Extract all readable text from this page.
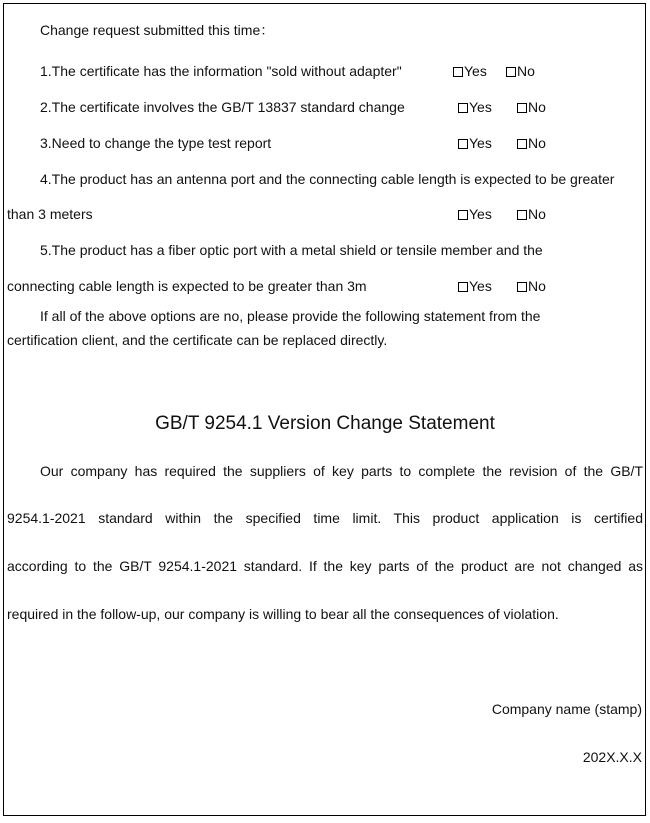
Change request submitted this time：
1.The certificate has the information "sold without adapter"	Yes	No
2.The certificate involves the GB/T 13837 standard change	Yes	No
3.Need to change the type test report	Yes	No
4.The product has an antenna port and the connecting cable length is expected to be greater
than 3 meters	Yes	No
5.The product has a fiber optic port with a metal shield or tensile member and the
connecting cable length is expected to be greater than 3m	Yes	No
If all of the above options are no, please provide the following statement from the
certification client, and the certificate can be replaced directly.
GB/T 9254.1 Version Change Statement
Our company has required the suppliers of key parts to complete the revision of the GB/T
9254.1-2021 standard within the specified time limit. This product application is certified
according to the GB/T 9254.1-2021 standard. If the key parts of the product are not changed as
required in the follow-up, our company is willing to bear all the consequences of violation.
Company name (stamp)
202X.X.X
